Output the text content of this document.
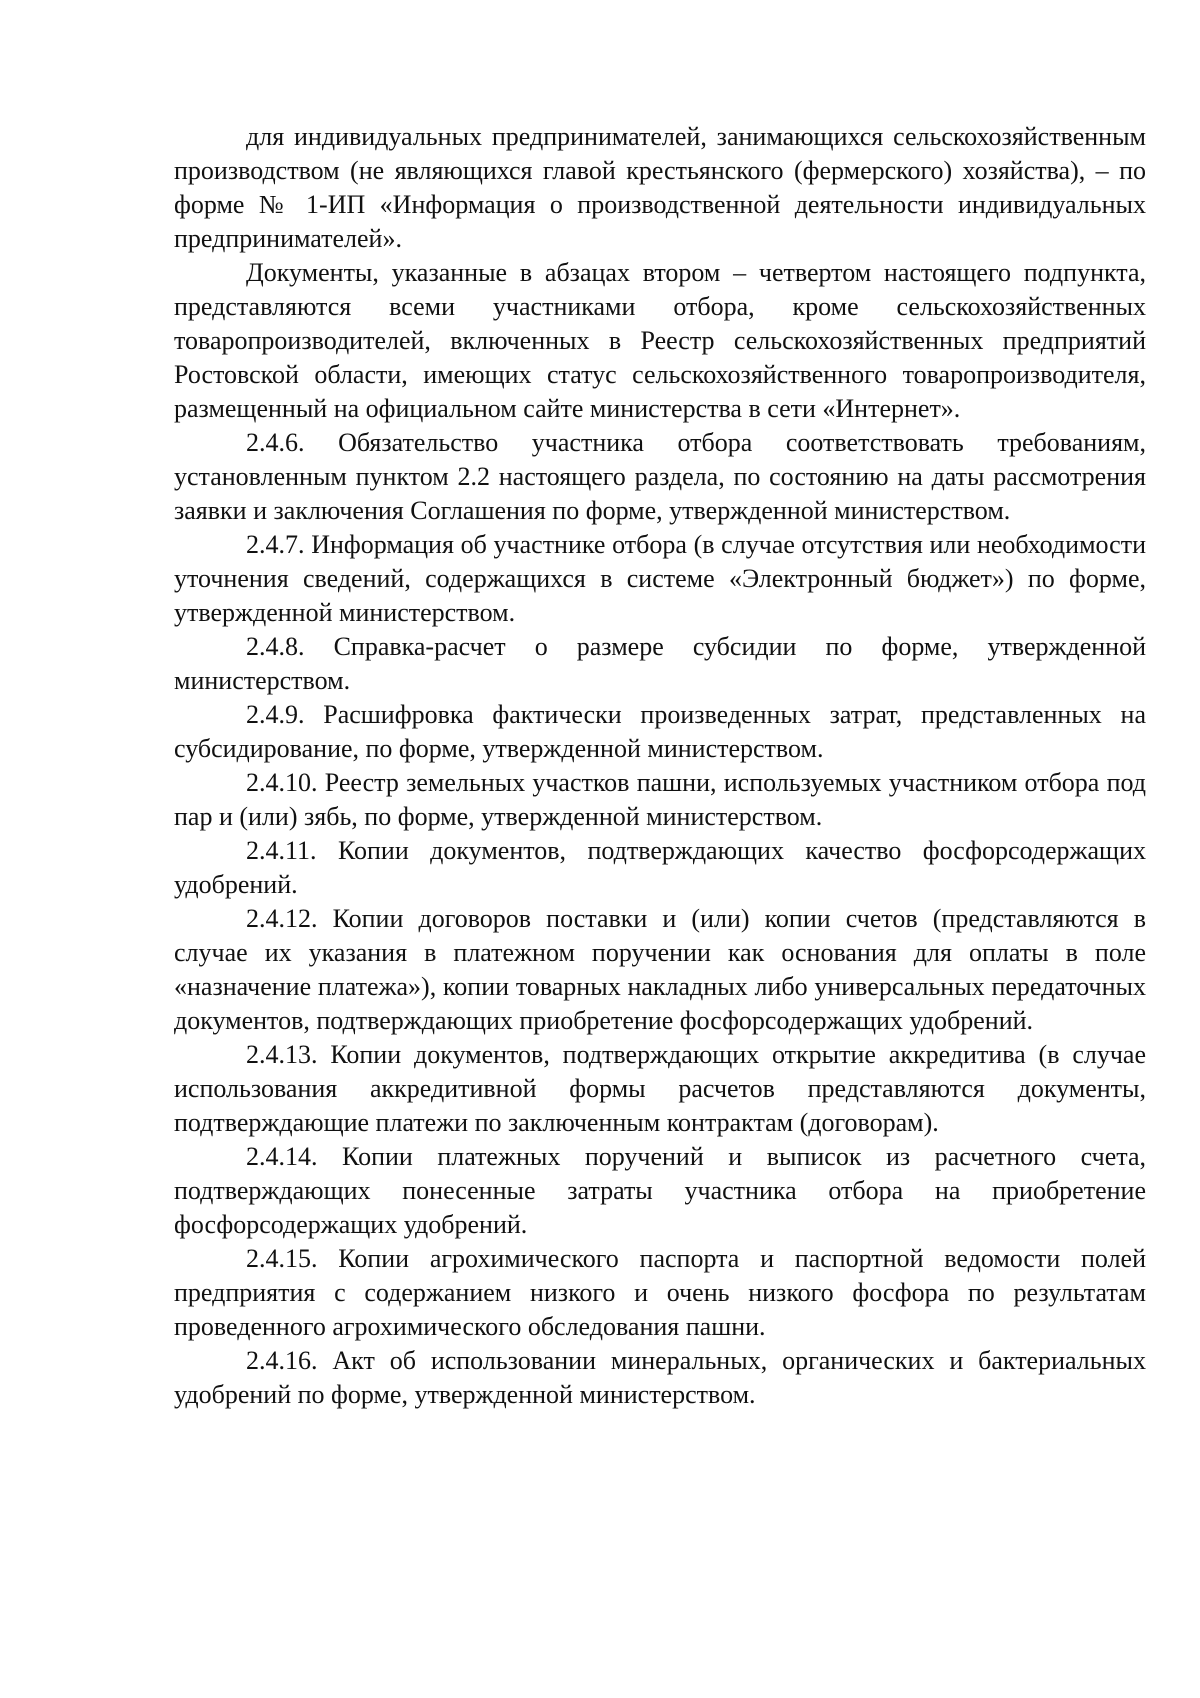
для индивидуальных предпринимателей, занимающихся сельскохозяйственным производством (не являющихся главой крестьянского (фермерского) хозяйства), – по форме № 1-ИП «Информация о производственной деятельности индивидуальных предпринимателей».

Документы, указанные в абзацах втором – четвертом настоящего подпункта, представляются всеми участниками отбора, кроме сельскохозяйственных товаропроизводителей, включенных в Реестр сельскохозяйственных предприятий Ростовской области, имеющих статус сельскохозяйственного товаропроизводителя, размещенный на официальном сайте министерства в сети «Интернет».

2.4.6. Обязательство участника отбора соответствовать требованиям, установленным пунктом 2.2 настоящего раздела, по состоянию на даты рассмотрения заявки и заключения Соглашения по форме, утвержденной министерством.

2.4.7. Информация об участнике отбора (в случае отсутствия или необходимости уточнения сведений, содержащихся в системе «Электронный бюджет») по форме, утвержденной министерством.

2.4.8. Справка-расчет о размере субсидии по форме, утвержденной министерством.

2.4.9. Расшифровка фактически произведенных затрат, представленных на субсидирование, по форме, утвержденной министерством.

2.4.10. Реестр земельных участков пашни, используемых участником отбора под пар и (или) зябь, по форме, утвержденной министерством.

2.4.11. Копии документов, подтверждающих качество фосфорсодержащих удобрений.

2.4.12. Копии договоров поставки и (или) копии счетов (представляются в случае их указания в платежном поручении как основания для оплаты в поле «назначение платежа»), копии товарных накладных либо универсальных передаточных документов, подтверждающих приобретение фосфорсодержащих удобрений.

2.4.13. Копии документов, подтверждающих открытие аккредитива (в случае использования аккредитивной формы расчетов представляются документы, подтверждающие платежи по заключенным контрактам (договорам).

2.4.14. Копии платежных поручений и выписок из расчетного счета, подтверждающих понесенные затраты участника отбора на приобретение фосфорсодержащих удобрений.

2.4.15. Копии агрохимического паспорта и паспортной ведомости полей предприятия с содержанием низкого и очень низкого фосфора по результатам проведенного агрохимического обследования пашни.

2.4.16. Акт об использовании минеральных, органических и бактериальных удобрений по форме, утвержденной министерством.
